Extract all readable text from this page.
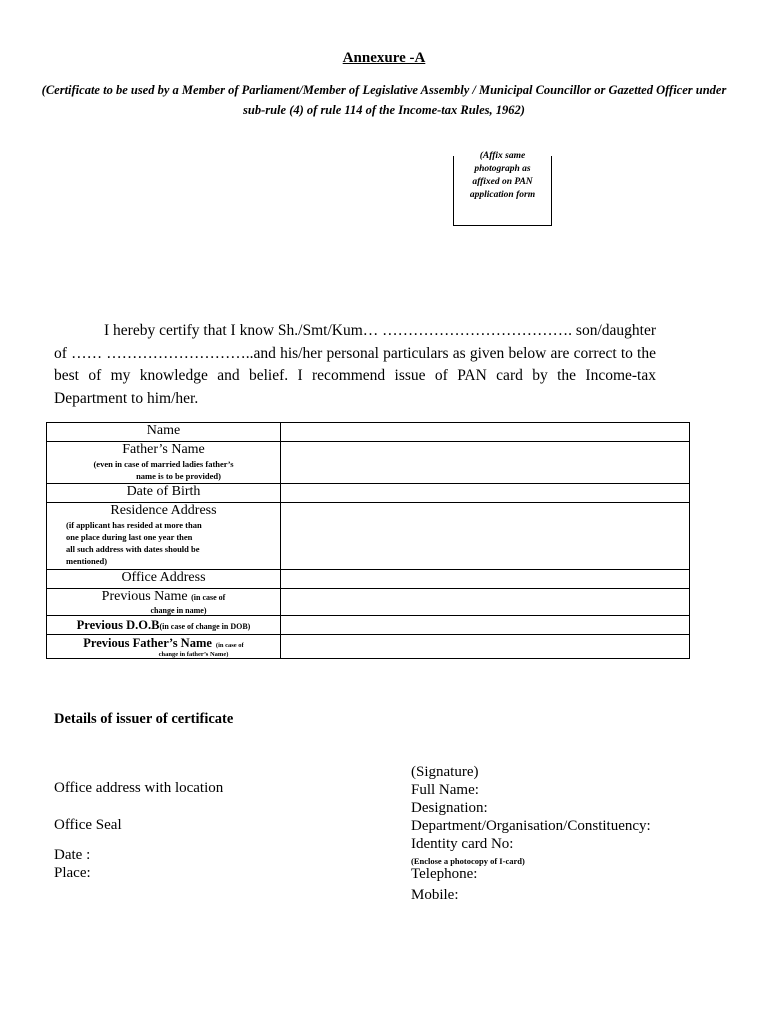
Annexure -A
(Certificate to be used by a Member of Parliament/Member of Legislative Assembly / Municipal Councillor or Gazetted Officer under sub-rule (4) of rule 114 of the Income-tax Rules, 1962)
(Affix same
photograph as
affixed on PAN
application form
I hereby certify that I know Sh./Smt/Kum… ………………………………. son/daughter of …… ………………………..and his/her personal particulars as given below are correct to the best of my knowledge and belief. I recommend issue of PAN card by the Income-tax Department to him/her.
Name	

Father’s Name
(even in case of married ladies father’s
name is to be provided)	

Date of Birth	

Residence Address
(if applicant has resided at more than
one place during last one year then
all such address with dates should be
mentioned)	

Office Address	

Previous Name (in case of
change in name)	

Previous D.O.B(in case of change in DOB)	

Previous Father’s Name (in case of
change in father’s Name)	

Details of issuer of certificate
Office address with location
Office Seal
Date :
Place:
(Signature)
Full Name:
Designation:
Department/Organisation/Constituency:
Identity card No:
(Enclose a photocopy of I-card)
Telephone:
Mobile:
